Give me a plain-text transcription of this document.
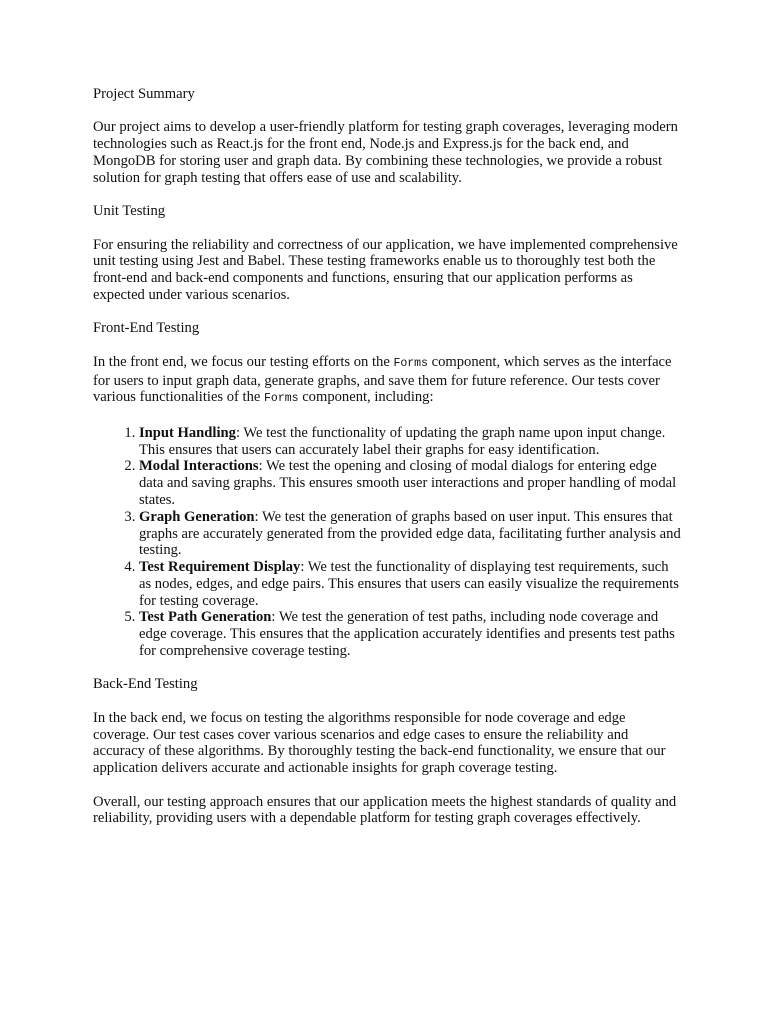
Project Summary

Our project aims to develop a user-friendly platform for testing graph coverages, leveraging modern technologies such as React.js for the front end, Node.js and Express.js for the back end, and MongoDB for storing user and graph data. By combining these technologies, we provide a robust solution for graph testing that offers ease of use and scalability.

Unit Testing

For ensuring the reliability and correctness of our application, we have implemented comprehensive unit testing using Jest and Babel. These testing frameworks enable us to thoroughly test both the front-end and back-end components and functions, ensuring that our application performs as expected under various scenarios.

Front-End Testing

In the front end, we focus our testing efforts on the Forms component, which serves as the interface for users to input graph data, generate graphs, and save them for future reference. Our tests cover various functionalities of the Forms component, including:

1. Input Handling: We test the functionality of updating the graph name upon input change. This ensures that users can accurately label their graphs for easy identification.
2. Modal Interactions: We test the opening and closing of modal dialogs for entering edge data and saving graphs. This ensures smooth user interactions and proper handling of modal states.
3. Graph Generation: We test the generation of graphs based on user input. This ensures that graphs are accurately generated from the provided edge data, facilitating further analysis and testing.
4. Test Requirement Display: We test the functionality of displaying test requirements, such as nodes, edges, and edge pairs. This ensures that users can easily visualize the requirements for testing coverage.
5. Test Path Generation: We test the generation of test paths, including node coverage and edge coverage. This ensures that the application accurately identifies and presents test paths for comprehensive coverage testing.

Back-End Testing

In the back end, we focus on testing the algorithms responsible for node coverage and edge coverage. Our test cases cover various scenarios and edge cases to ensure the reliability and accuracy of these algorithms. By thoroughly testing the back-end functionality, we ensure that our application delivers accurate and actionable insights for graph coverage testing.

Overall, our testing approach ensures that our application meets the highest standards of quality and reliability, providing users with a dependable platform for testing graph coverages effectively.
